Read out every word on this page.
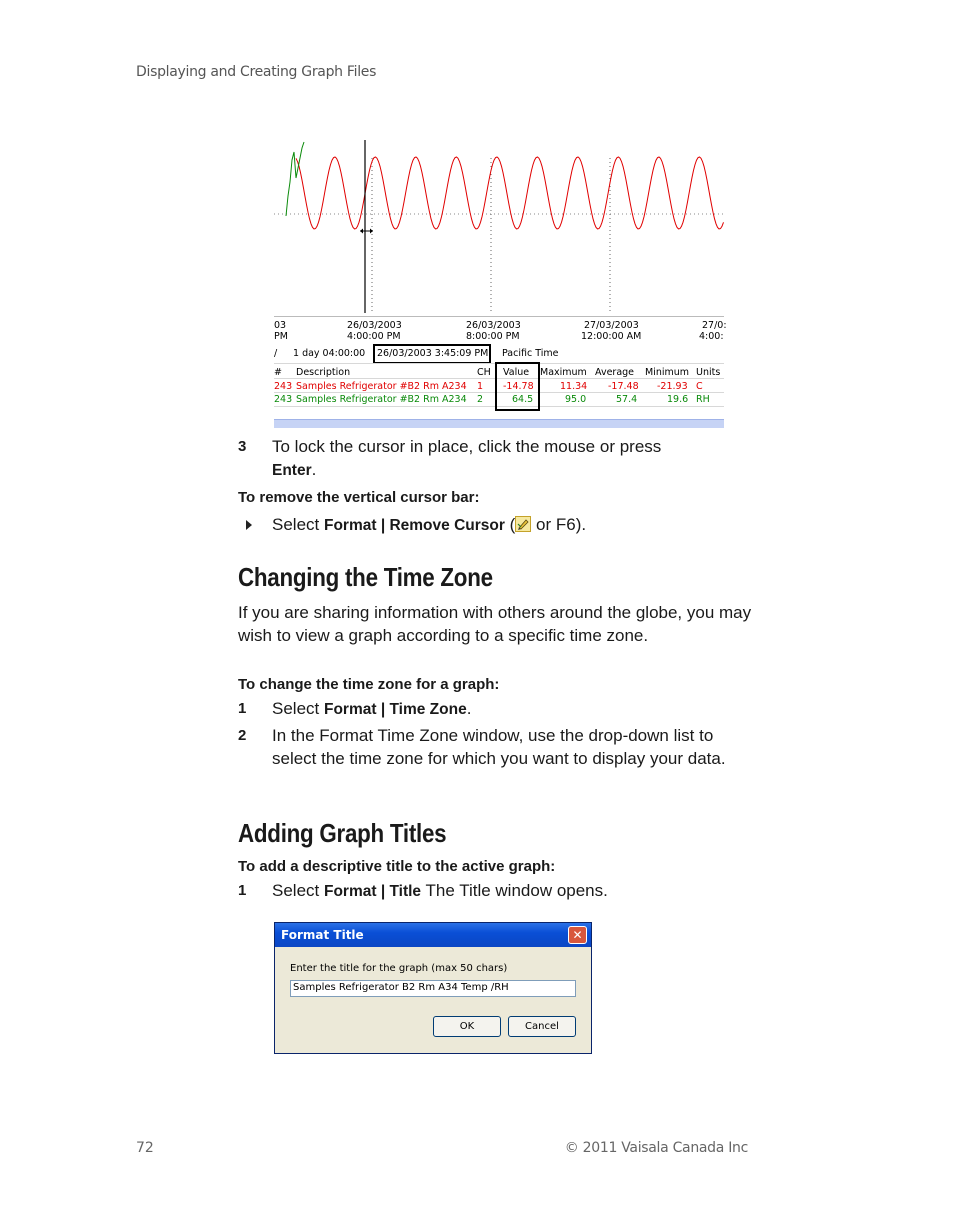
Displaying and Creating Graph Files
03
PM
26/03/2003
4:00:00 PM
26/03/2003
8:00:00 PM
27/03/2003
12:00:00 AM
27/0:
4:00:
/ 1 day 04:00:00 26/03/2003 3:45:09 PM Pacific Time
# Description	CH Value Maximum Average Minimum Units
243 Samples Refrigerator #B2 Rm A234 1 -14.78	11.34 -17.48 -21.93 C
243 Samples Refrigerator #B2 Rm A234 2	64.5	95.0	57.4	19.6 RH
3 To lock the cursor in place, click the mouse or press
Enter.
To remove the vertical cursor bar:
Select Format | Remove Cursor ( or F6).
Changing the Time Zone
If you are sharing information with others around the globe, you may wish to view a graph according to a specific time zone.
To change the time zone for a graph:
1 Select Format | Time Zone.
2 In the Format Time Zone window, use the drop-down list to select the time zone for which you want to display your data.
Adding Graph Titles
To add a descriptive title to the active graph:
1 Select Format | Title The Title window opens.
Format Title	✕
Enter the title for the graph (max 50 chars)
Samples Refrigerator B2 Rm A34 Temp /RH
OK	Cancel
72	© 2011 Vaisala Canada Inc
